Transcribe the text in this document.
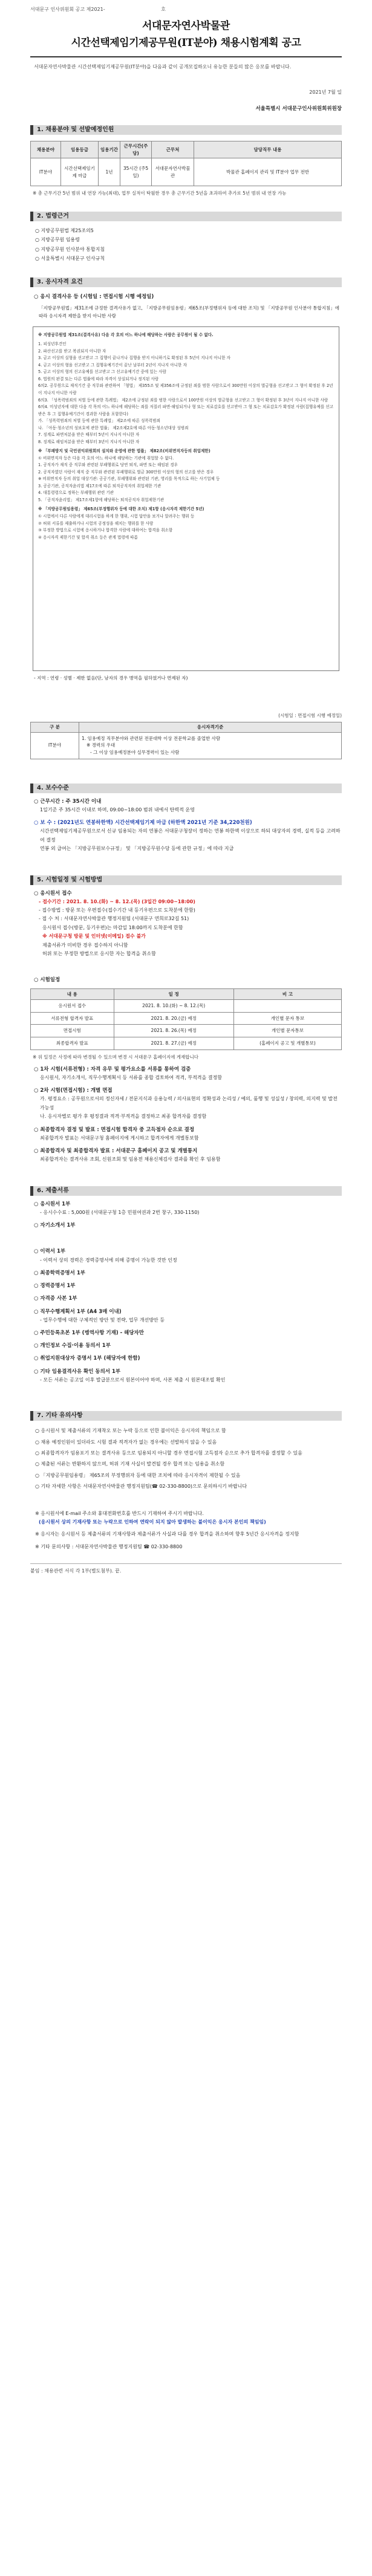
서대문구 인사위원회 공고 제2021-	호
서대문자연사박물관
시간선택제임기제공무원(IT분야) 채용시험계획 공고
서대문자연사박물관 시간선택제임기제공무원(IT분야)을 다음과 같이 공개모집하오니 유능한 분들의 많은 응모를 바랍니다.
2021년 7월 일
서울특별시 서대문구인사위원회위원장
1. 채용분야 및 선발예정인원
채용분야	임용등급	임용기간	근무시간(주당)	근무처	담당직무 내용
IT분야	시간선택제임기제 마급	1년	35시간 (주5일)	서대문자연사박물관	박물관 홈페이지 관리 및 IT분야 업무 전반
※ 총 근무기간 5년 범위 내 연장 가능(최대), 업무 실적이 탁월한 경우 총 근무기간 5년을 초과하여 추가로 5년 범위 내 연장 가능
2. 법령근거
○ 지방공무원법 제25조의5
○ 지방공무원 임용령
○ 지방공무원 인사분야 통합지침
○ 서울특별시 서대문구 인사규칙
3. 응시자격 요건
○ 응시 결격사유 등 (시험일 : 면접시험 시행 예정일)
「지방공무원법」제31조에 규정한 결격사유가 없고, 「지방공무원임용령」제65조(부정행위자 등에 대한 조치) 및 「지방공무원 인사분야 통합지침」에 따라 응시자격 제한을 받지 아니한 사람
※ 지방공무원법 제31조(결격사유) 다음 각 호의 어느 하나에 해당하는 사람은 공무원이 될 수 없다.
1. 피성년후견인
2. 파산선고를 받고 복권되지 아니한 자
3. 금고 이상의 실형을 선고받고 그 집행이 끝나거나 집행을 받지 아니하기로 확정된 후 5년이 지나지 아니한 자
4. 금고 이상의 형을 선고받고 그 집행유예기간이 끝난 날부터 2년이 지나지 아니한 자
5. 금고 이상의 형의 선고유예를 선고받고 그 선고유예기간 중에 있는 사람
6. 법원의 판결 또는 다른 법률에 따라 자격이 상실되거나 정지된 사람
6의2. 공무원으로 재직기간 중 직무와 관련하여 「형법」 제355조 및 제356조에 규정된 죄를 범한 사람으로서 300만원 이상의 벌금형을 선고받고 그 형이 확정된 후 2년이 지나지 아니한 사람
6의3. 「성폭력범죄의 처벌 등에 관한 특례법」 제2조에 규정된 죄를 범한 사람으로서 100만원 이상의 벌금형을 선고받고 그 형이 확정된 후 3년이 지나지 아니한 사람
6의4. 미성년자에 대한 다음 각 목의 어느 하나에 해당하는 죄를 저질러 파면·해임되거나 형 또는 치료감호를 선고받아 그 형 또는 치료감호가 확정된 사람(집행유예를 선고받은 후 그 집행유예기간이 경과한 사람을 포함한다)
가. 「성폭력범죄의 처벌 등에 관한 특례법」 제2조에 따른 성폭력범죄
나. 「아동·청소년의 성보호에 관한 법률」 제2조제2호에 따른 아동·청소년대상 성범죄
7. 징계로 파면처분을 받은 때부터 5년이 지나지 아니한 자
8. 징계로 해임처분을 받은 때부터 3년이 지나지 아니한 자
※ 「부패방지 및 국민권익위원회의 설치와 운영에 관한 법률」 제82조(비위면직자등의 취업제한)
① 비위면직자 등은 다음 각 호의 어느 하나에 해당하는 기관에 취업할 수 없다.
1. 공직자가 재직 중 직무와 관련된 부패행위로 당연 퇴직, 파면 또는 해임된 경우
2. 공직자였던 사람이 재직 중 직무와 관련된 부패행위로 벌금 300만원 이상의 형의 선고를 받은 경우
※ 비위면직자 등의 취업 대상기관: 공공기관, 부패행위와 관련된 기관, 영리를 목적으로 하는 사기업체 등
3. 공공기관, 공직자윤리법 제17조에 따른 퇴직공직자의 취업제한 기관
4. 대통령령으로 정하는 부패행위 관련 기관
5. 「공직자윤리법」 제17조제1항에 해당하는 퇴직공직자 취업제한기관
※ 「지방공무원임용령」 제65조(부정행위자 등에 대한 조치) 제1항 (응시자격 제한기간 5년)
① 시험에서 다른 사람에게 대리시험을 하게 한 행위, 시험 답안을 보거나 알려주는 행위 등
② 허위 서류를 제출하거나 시험의 공정성을 해치는 행위를 한 사람
③ 부정한 방법으로 시험에 응시하거나 합격한 사람에 대하여는 합격을 취소함
④ 응시자격 제한기간 및 합격 취소 등은 관계 법령에 따름
- 지역 : 연령 · 성별 · 제한 없음(단, 남자의 경우 병역을 필하였거나 면제된 자)
(시험일 : 면접시험 시행 예정일)
구 분	응시자격기준
IT분야	1. 임용예정 직무분야와 관련된 전문대학 이상 전문학교를 졸업한 사람
※ 경력의 우대
- 그 이상 임용예정분야 실무경력이 있는 사람
4. 보수수준
○ 근무시간 : 주 35시간 이내
1일기준 주 35시간 이내로 하며, 09:00~18:00 범위 내에서 탄력적 운영
○ 보 수 : (2021년도 연봉하한액) 시간선택제임기제 마급 (하한액 2021년 기준 34,220천원)
시간선택제임기제공무원으로서 신규 임용되는 자의 연봉은 서대문구청장이 정하는 연봉 하한액 이상으로 하되 대상자의 경력, 실적 등을 고려하여 결정
연봉 외 급여는 「지방공무원보수규정」 및 「지방공무원수당 등에 관한 규정」에 따라 지급
5. 시험일정 및 시험방법
○ 응시원서 접수
- 접수기간 : 2021. 8. 10.(화) ~ 8. 12.(목) (3일간 09:00~18:00)
- 접수방법 : 방문 또는 우편접수(접수기간 내 등기우편으로 도착분에 한함)
- 접 수 처 : 서대문자연사박물관 행정지원팀 (서대문구 연희로32길 51)
응시원서 접수(방문, 등기우편)는 마감일 18:00까지 도착분에 한함
※ 서대문구청 방문 및 인터넷(이메일) 접수 불가
제출서류가 미비한 경우 접수하지 아니함
허위 또는 부정한 방법으로 응시한 자는 합격을 취소함
○ 시험일정
내 용	일 정	비 고
응시원서 접수	2021. 8. 10.(화) ~ 8. 12.(목)	
서류전형 합격자 발표	2021. 8. 20.(금) 예정	개인별 문자 통보
면접시험	2021. 8. 26.(목) 예정	개인별 문자통보
최종합격자 발표	2021. 8. 27.(금) 예정	(홈페이지 공고 및 개별통보)
※ 위 일정은 사정에 따라 변경될 수 있으며 변경 시 서대문구 홈페이지에 게재합니다
○ 1차 시험(서류전형) : 자격 유무 및 평가요소를 서류를 통하여 검증
응시원서, 자기소개서, 직무수행계획서 등 서류를 종합 검토하여 적격, 부적격을 결정함
○ 2차 시험(면접시험) : 개별 면접
가. 평정요소 : 공무원으로서의 정신자세 / 전문지식과 응용능력 / 의사표현의 정확성과 논리성 / 예의, 품행 및 성실성 / 창의력, 의지력 및 발전가능성
나. 응시자별로 평가 후 평정결과 적격·부적격을 결정하고 최종 합격자를 결정함
○ 최종합격자 결정 및 발표 : 면접시험 합격자 중 고득점자 순으로 결정
최종합격자 발표는 서대문구청 홈페이지에 게시하고 합격자에게 개별통보함
○ 최종합격자 및 최종합격자 발표 : 서대문구 홈페이지 공고 및 개별통지
최종합격자는 결격사유 조회, 신원조회 및 임용전 채용신체검사 결과를 확인 후 임용함
6. 제출서류
○ 응시원서 1부
- 응시수수료 : 5,000원 (서대문구청 1층 민원여권과 2번 창구, 330-1150)
○ 자기소개서 1부
○ 이력서 1부
- 이력서 상의 경력은 경력증명서에 의해 증명이 가능한 것만 인정
○ 최종학력증명서 1부
○ 경력증명서 1부
○ 자격증 사본 1부
○ 직무수행계획서 1부 (A4 3매 이내)
- 업무수행에 대한 구체적인 방안 및 전략, 업무 개선방안 등
○ 주민등록초본 1부 (병역사항 기재) - 해당자만
○ 개인정보 수집·이용 동의서 1부
○ 취업지원대상자 증명서 1부 (해당자에 한함)
○ 기타 임용결격사유 확인 동의서 1부
- 모든 서류는 공고일 이후 발급분으로서 원본이어야 하며, 사본 제출 시 원본대조필 확인
7. 기타 유의사항
○ 응시원서 및 제출서류의 기재착오 또는 누락 등으로 인한 불이익은 응시자의 책임으로 함
○ 채용 예정인원이 있더라도 시험 결과 적격자가 없는 경우에는 선발하지 않을 수 있음
○ 최종합격자가 임용포기 또는 결격사유 등으로 임용되지 아니할 경우 면접시험 고득점자 순으로 추가 합격자를 결정할 수 있음
○ 제출된 서류는 반환하지 않으며, 허위 기재 사실이 발견될 경우 합격 또는 임용을 취소함
○ 「지방공무원임용령」 제65조의 부정행위자 등에 대한 조치에 따라 응시자격이 제한될 수 있음
○ 기타 자세한 사항은 서대문자연사박물관 행정지원팀(☎ 02-330-8800)으로 문의하시기 바랍니다
※ 응시원서에 E-mail 주소와 휴대전화번호를 반드시 기재하여 주시기 바랍니다.
(응시원서 상의 기재사항 또는 누락으로 인하여 연락이 되지 않아 발생하는 불이익은 응시자 본인의 책임임)
※ 응시자는 응시원서 등 제출서류의 기재사항과 제출서류가 사실과 다를 경우 합격을 취소하며 향후 5년간 응시자격을 정지함
※ 기타 문의사항 : 서대문자연사박물관 행정지원팀 ☎ 02-330-8800
붙임 : 채용관련 서식 각 1부(별도첨부). 끝.
